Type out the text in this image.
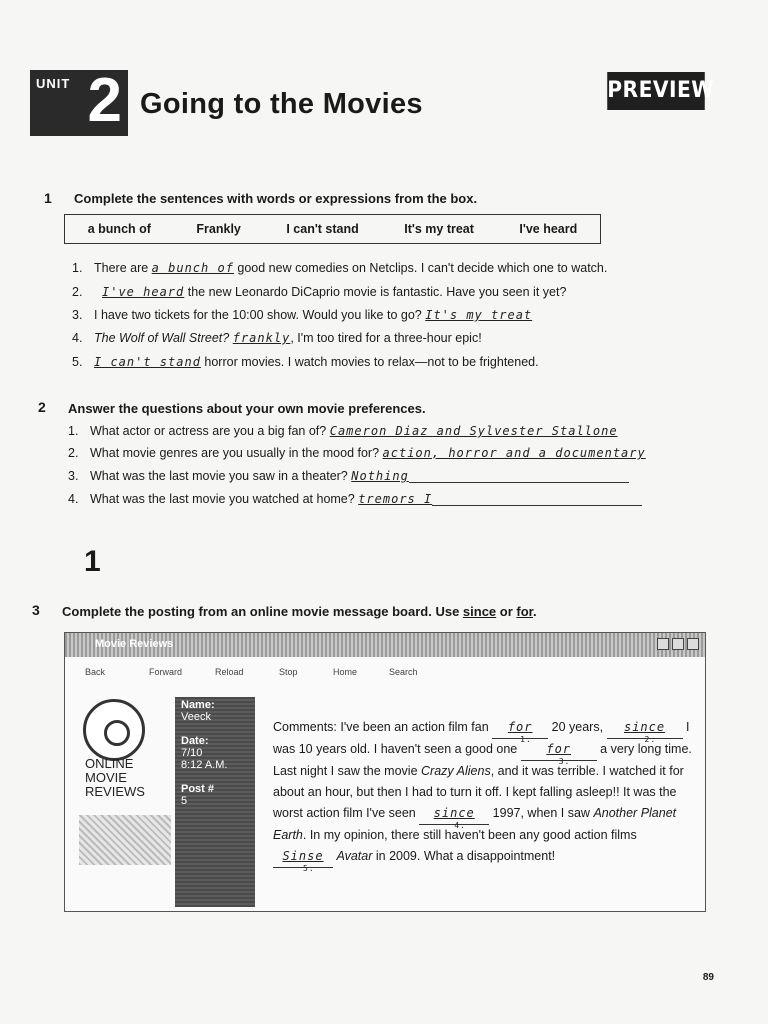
UNIT 2 Going to the Movies	PREVIEW
1 Complete the sentences with words or expressions from the box.
a bunch of	Frankly	I can't stand	It's my treat	I've heard
1. There are a bunch of good new comedies on Netclips. I can't decide which one to watch.
2. I've heard the new Leonardo DiCaprio movie is fantastic. Have you seen it yet?
3. I have two tickets for the 10:00 show. Would you like to go? It's my treat
4. The Wolf of Wall Street? frankly, I'm too tired for a three-hour epic!
5. I can't stand horror movies. I watch movies to relax—not to be frightened.
2 Answer the questions about your own movie preferences.
1. What actor or actress are you a big fan of? Cameron Diaz and Sylvester Stallone
2. What movie genres are you usually in the mood for? action, horror and a documentary
3. What was the last movie you saw in a theater? Nothing
4. What was the last movie you watched at home? tremors I
1
3 Complete the posting from an online movie message board. Use since or for.
Movie Reviews
Back	Forward	Reload	Stop	Home	Search
ONLINE
MOVIE
REVIEWS
Name:
Veeck
Date:
7/10
8:12 A.M.
Post #
5
Comments: I've been an action film fan for
1.
20 years, since
2.
I was 10 years old. I haven't seen a good one for
3.
a very long time. Last night I saw the movie Crazy Aliens, and it was terrible. I watched it for about an hour, but then I had to turn it off. I kept falling asleep!! It was the worst action film I've seen since
4.
1997, when I saw Another Planet Earth. In my opinion, there still haven't been any good action films Sinse
5.
Avatar in 2009. What a disappointment!
89
